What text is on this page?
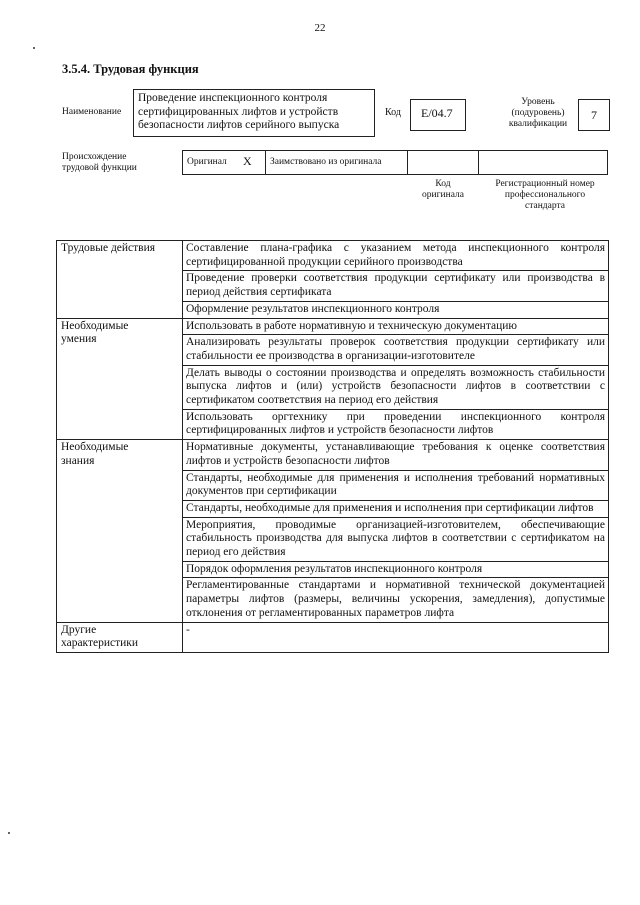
22
3.5.4. Трудовая функция
Наименование
Проведение инспекционного контроля сертифицированных лифтов и устройств безопасности лифтов серийного выпуска
Код	E/04.7
Уровень
(подуровень)
квалификации
7
Происхождение
трудовой функции
Оригинал X Заимствовано из оригинала
Код
оригинала
Регистрационный номер
профессионального
стандарта
Трудовые действия	Составление плана-графика с указанием метода инспекционного контроля сертифицированной продукции серийного производства
	Проведение проверки соответствия продукции сертификату или производства в период действия сертификата
	Оформление результатов инспекционного контроля
Необходимые
умения	Использовать в работе нормативную и техническую документацию
	Анализировать результаты проверок соответствия продукции сертификату или стабильности ее производства в организации-изготовителе
	Делать выводы о состоянии производства и определять возможность стабильности выпуска лифтов и (или) устройств безопасности лифтов в соответствии с сертификатом соответствия на период его действия
	Использовать оргтехнику при проведении инспекционного контроля сертифицированных лифтов и устройств безопасности лифтов
Необходимые
знания	Нормативные документы, устанавливающие требования к оценке соответствия лифтов и устройств безопасности лифтов
	Стандарты, необходимые для применения и исполнения требований нормативных документов при сертификации
	Стандарты, необходимые для применения и исполнения при сертификации лифтов
	Мероприятия, проводимые организацией-изготовителем, обеспечивающие стабильность производства для выпуска лифтов в соответствии с сертификатом на период его действия
	Порядок оформления результатов инспекционного контроля
	Регламентированные стандартами и нормативной технической документацией параметры лифтов (размеры, величины ускорения, замедления), допустимые отклонения от регламентированных параметров лифта
Другие
характеристики	-
